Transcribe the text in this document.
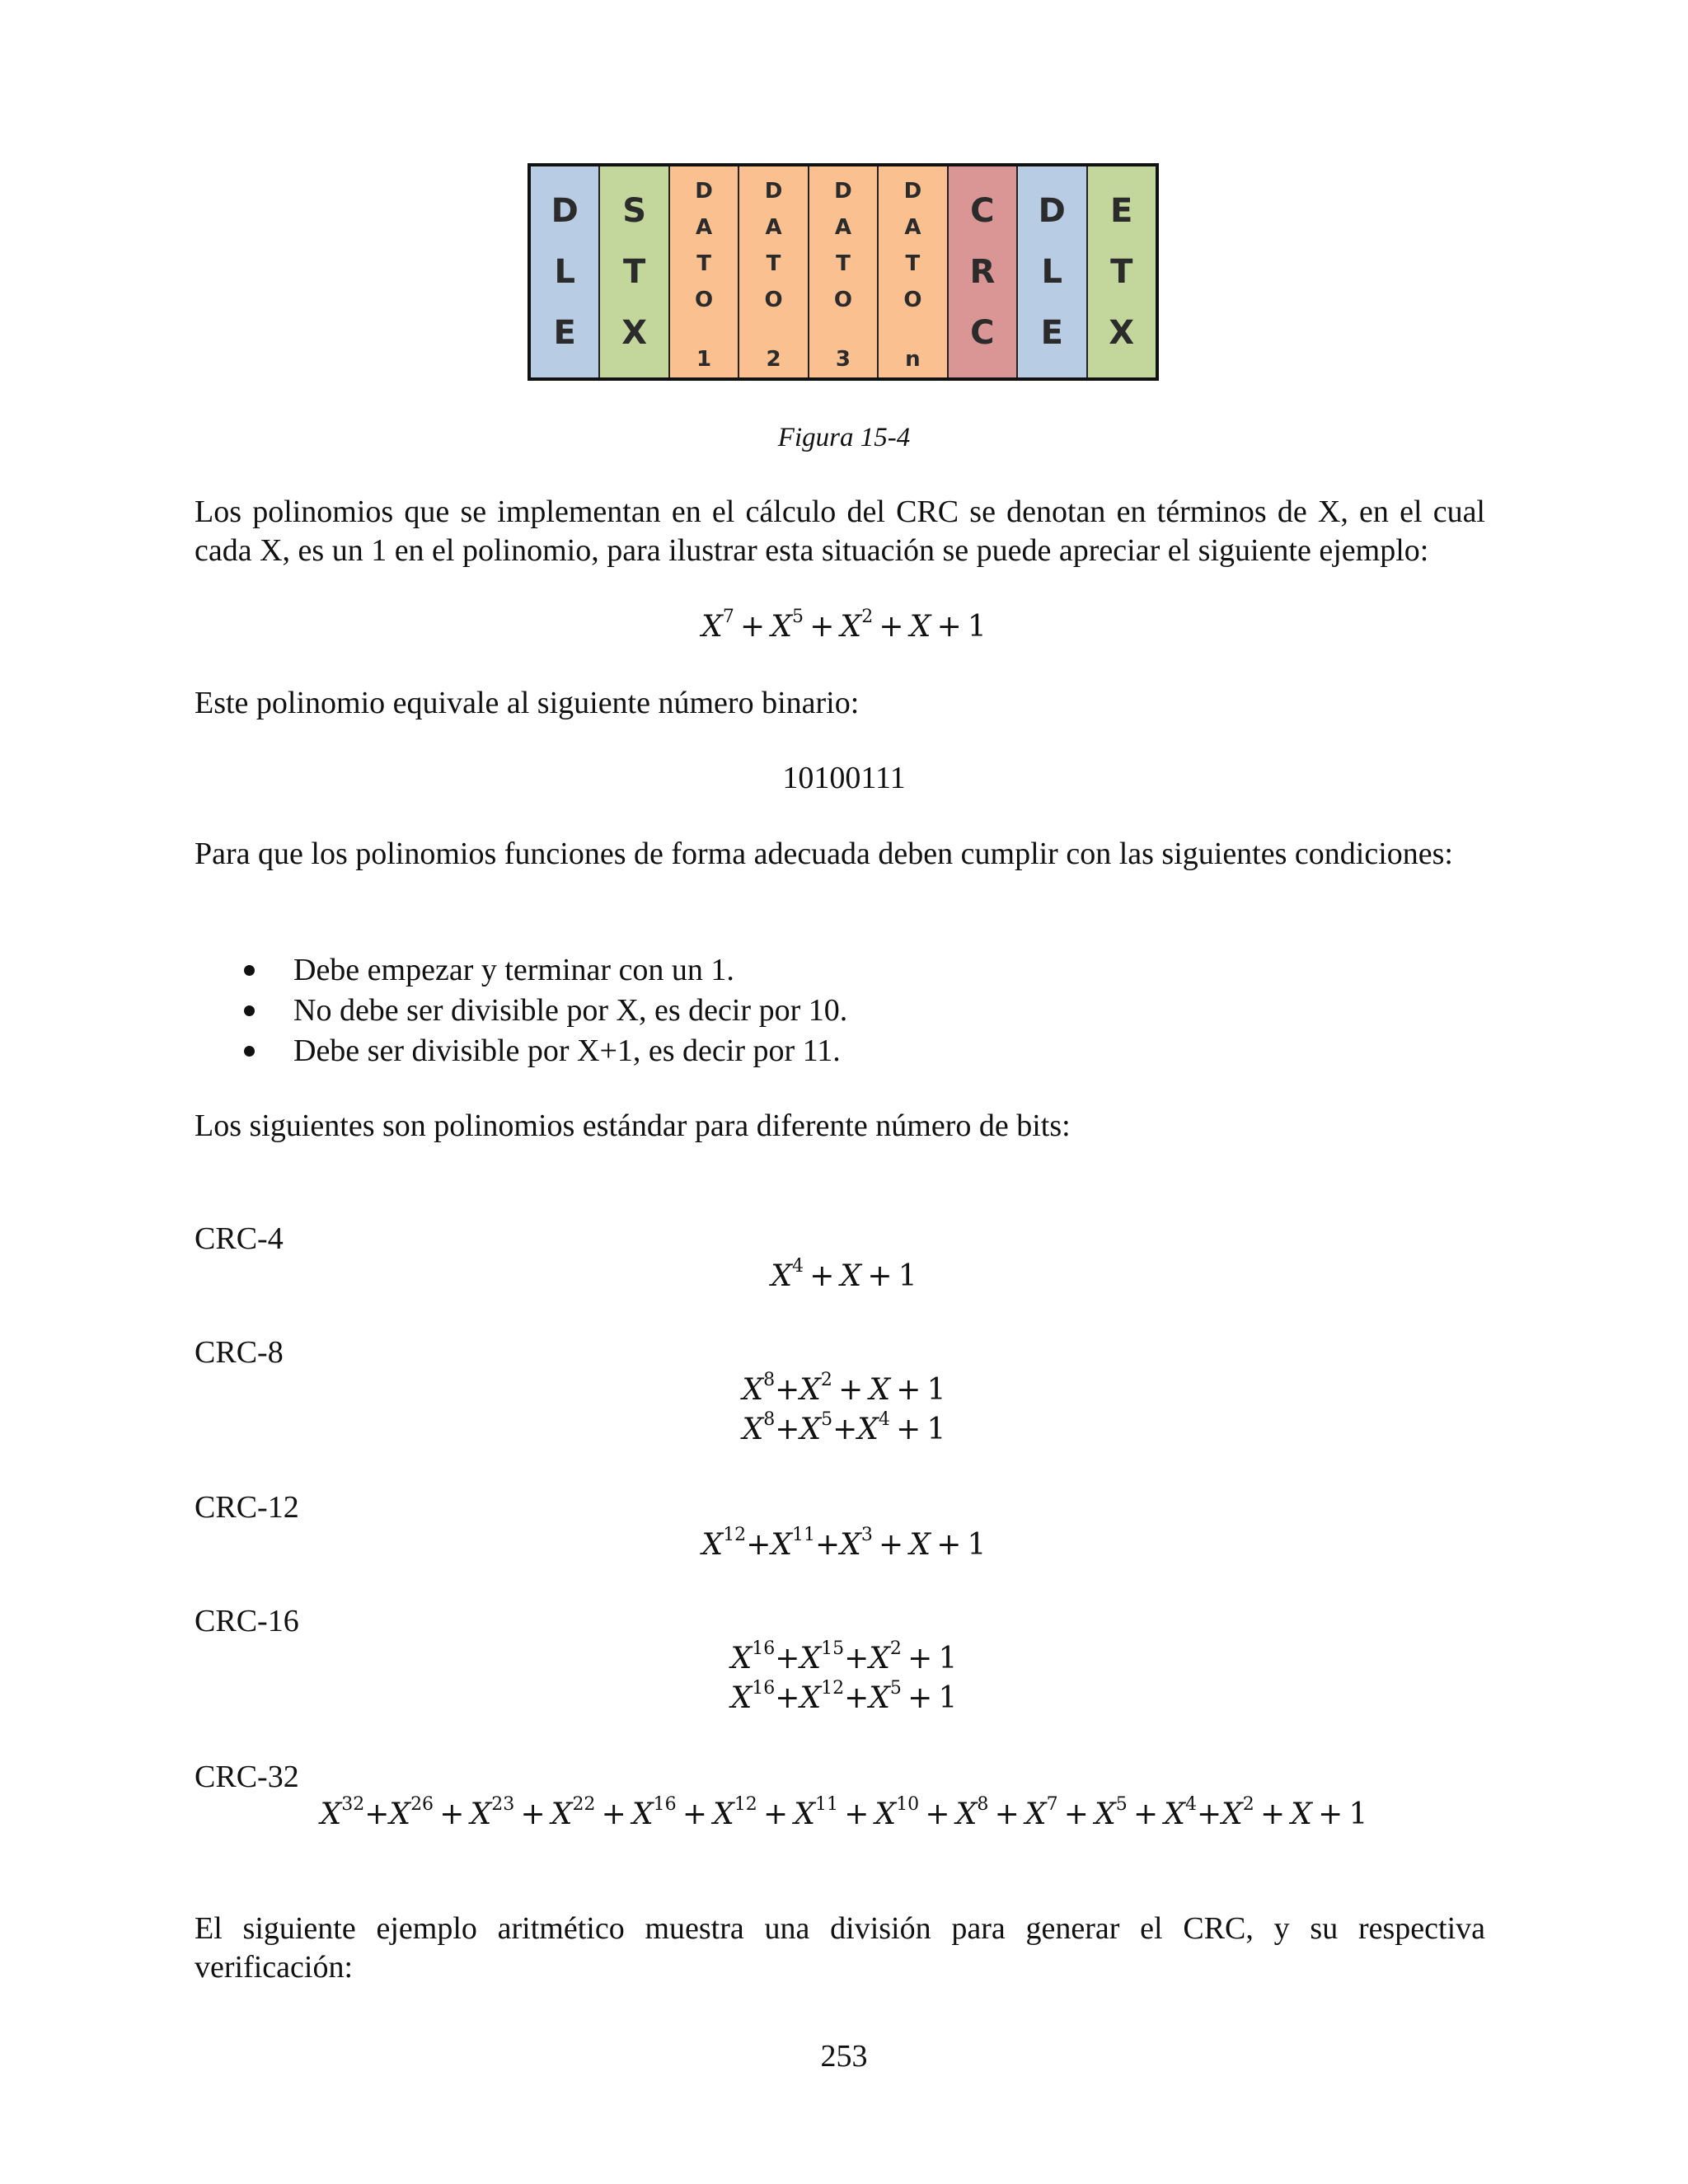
D
L
E
S
T
X
D
A
T
O
1
D
A
T
O
2
D
A
T
O
3
D
A
T
O
n
C
R
C
D
L
E
E
T
X
Figura 15-4
Los polinomios que se implementan en el cálculo del CRC se denotan en términos de X, en el cual cada X, es un 1 en el polinomio, para ilustrar esta situación se puede apreciar el siguiente ejemplo:
$X^7 + X^5 + X^2 + X + 1$
Este polinomio equivale al siguiente número binario:
10100111
Para que los polinomios funciones de forma adecuada deben cumplir con las siguientes condiciones:
Debe empezar y terminar con un 1.
No debe ser divisible por X, es decir por 10.
Debe ser divisible por X+1, es decir por 11.
Los siguientes son polinomios estándar para diferente número de bits:
CRC-4
$X^4 + X + 1$
CRC-8
$X^8+X^2 + X + 1$
$X^8+X^5+X^4 + 1$
CRC-12
$X^{12}+X^{11}+X^3 + X + 1$
CRC-16
$X^{16}+X^{15}+X^2 + 1$
$X^{16}+X^{12}+X^5 + 1$
CRC-32
$X^{32}+X^{26} + X^{23} + X^{22} + X^{16} + X^{12} + X^{11} + X^{10} + X^8 + X^7 + X^5 + X^4+X^2 + X + 1$
El siguiente ejemplo aritmético muestra una división para generar el CRC, y su respectiva verificación:
253
